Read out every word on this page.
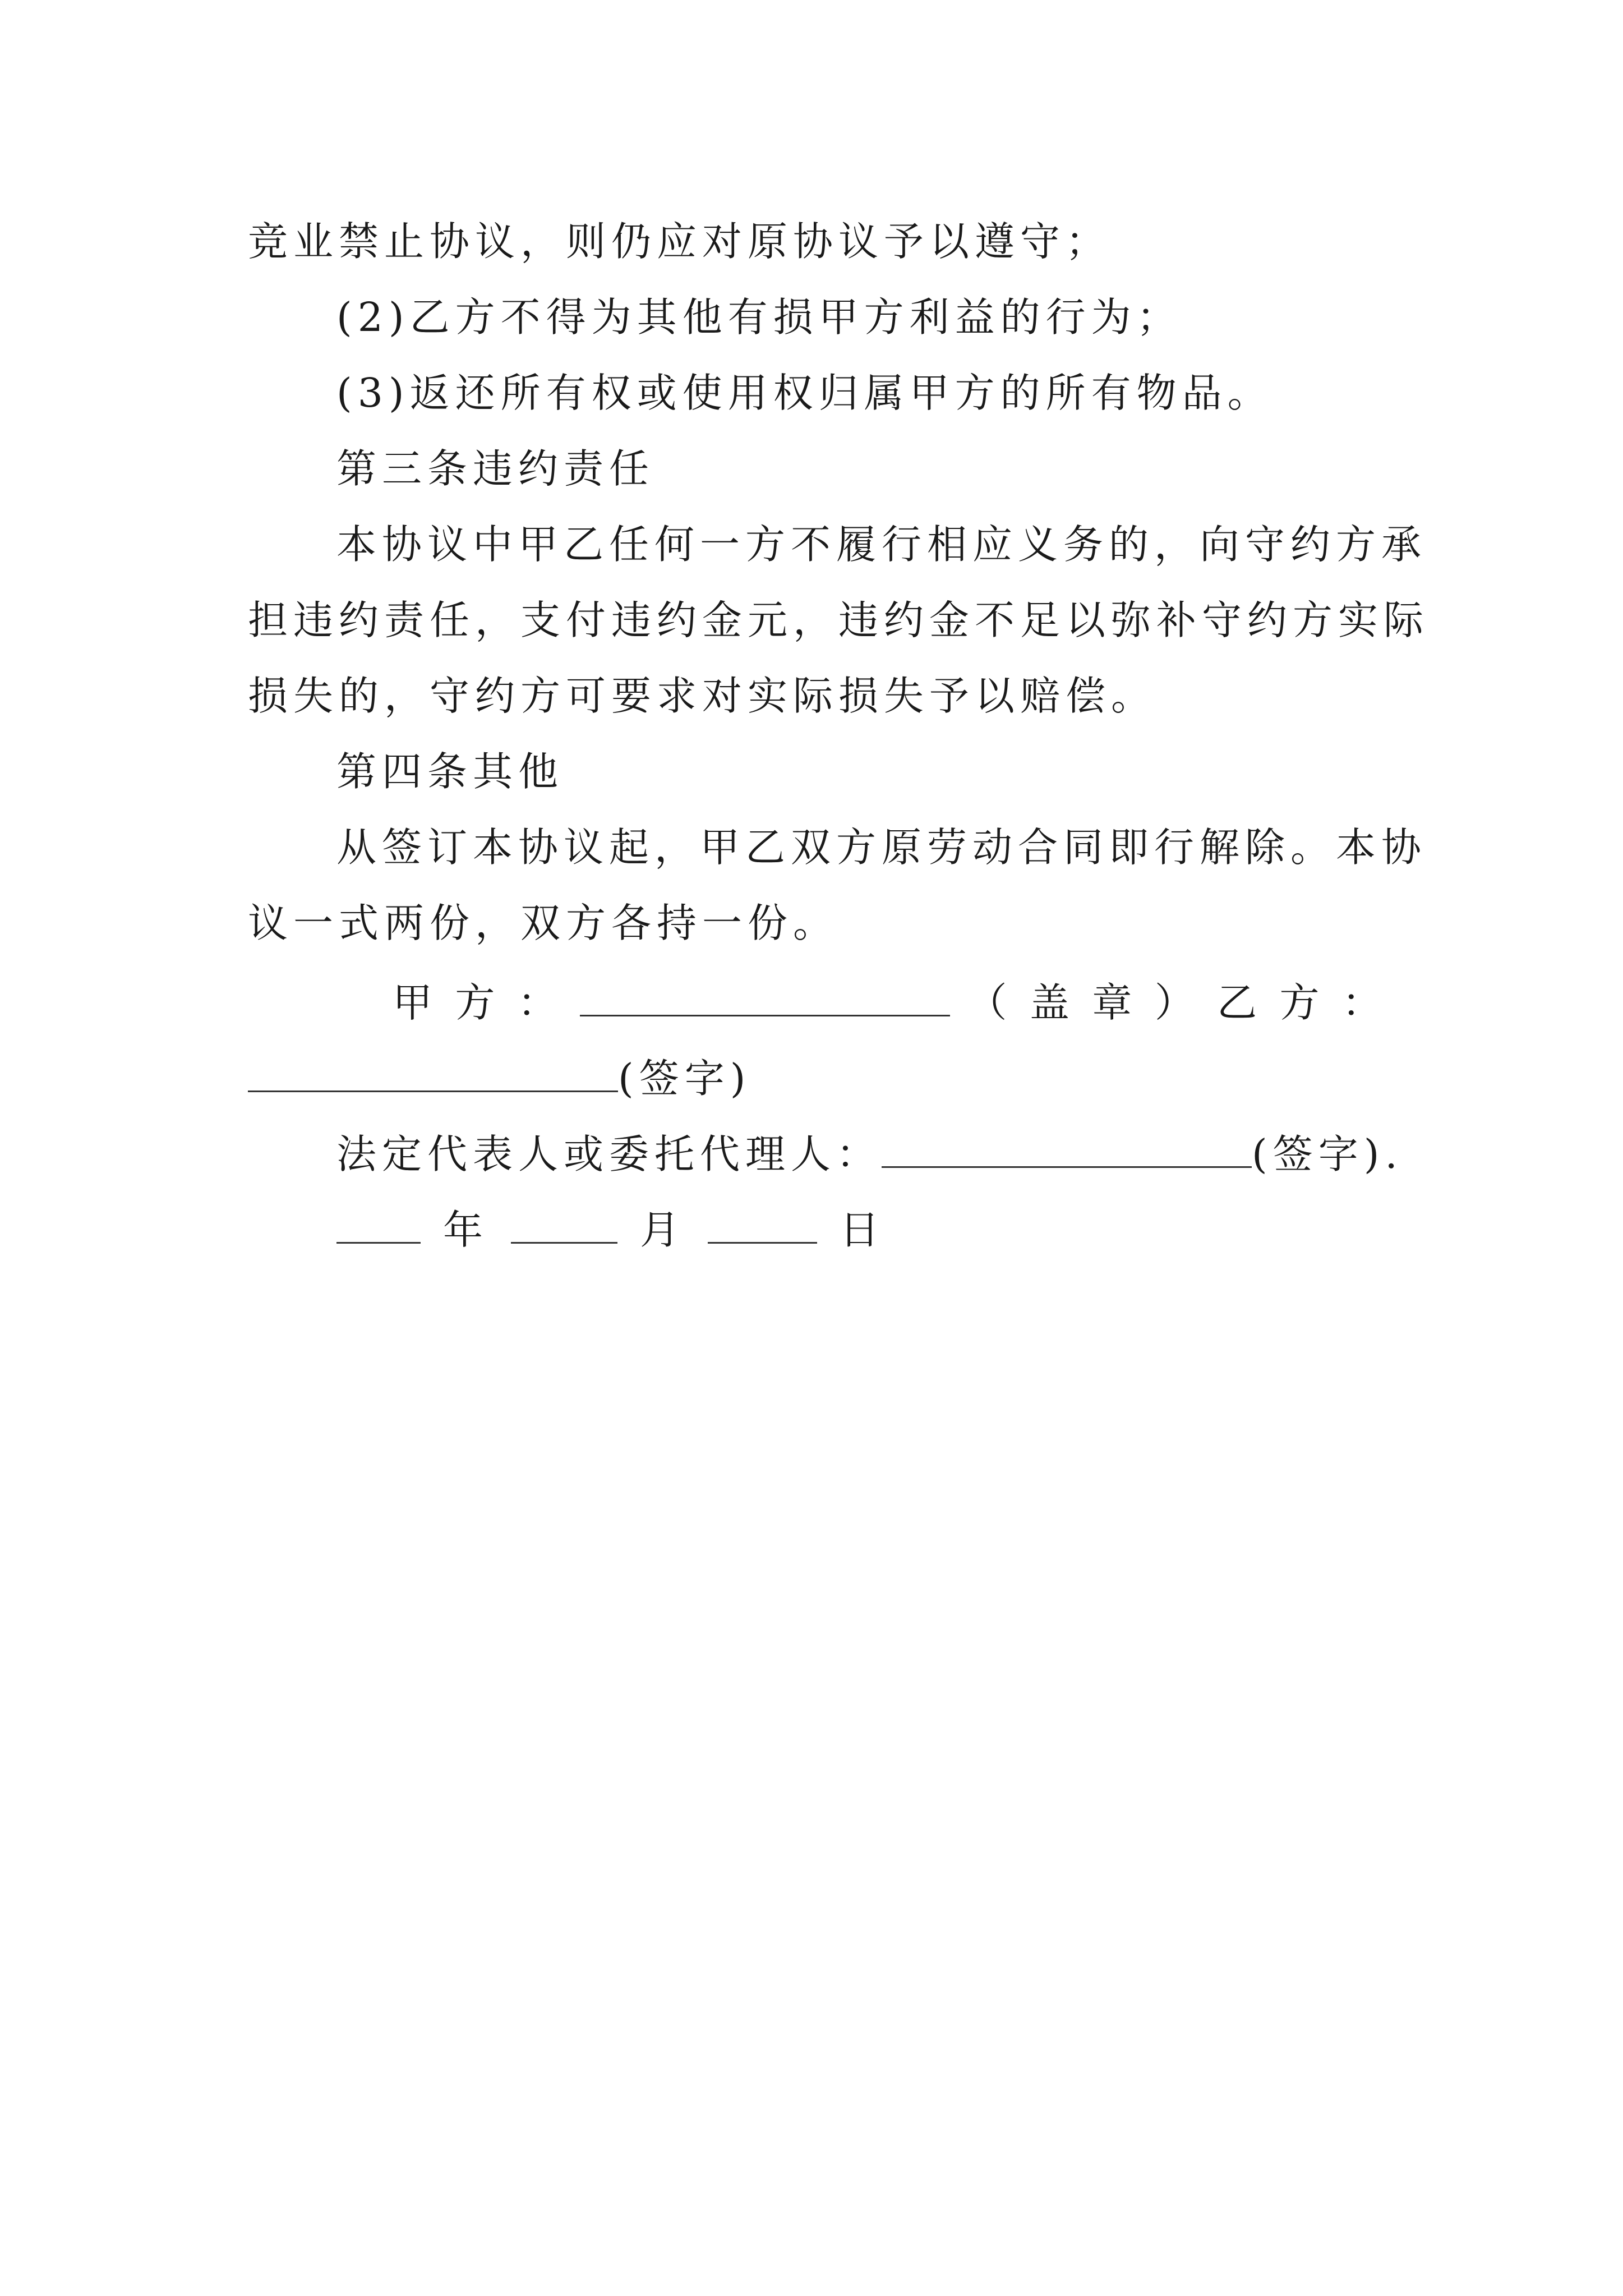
竞业禁止协议，则仍应对原协议予以遵守；
(2)乙方不得为其他有损甲方利益的行为；
(3)返还所有权或使用权归属甲方的所有物品。
第三条违约责任
本协议中甲乙任何一方不履行相应义务的，向守约方承
担违约责任，支付违约金元，违约金不足以弥补守约方实际
损失的，守约方可要求对实际损失予以赔偿。
第四条其他
从签订本协议起，甲乙双方原劳动合同即行解除。本协
议一式两份，双方各持一份。
甲 方 ：	（ 盖 章 ） 乙 方 ：
(签字)
法定代表人或委托代理人：	(签字).
年	月	日
